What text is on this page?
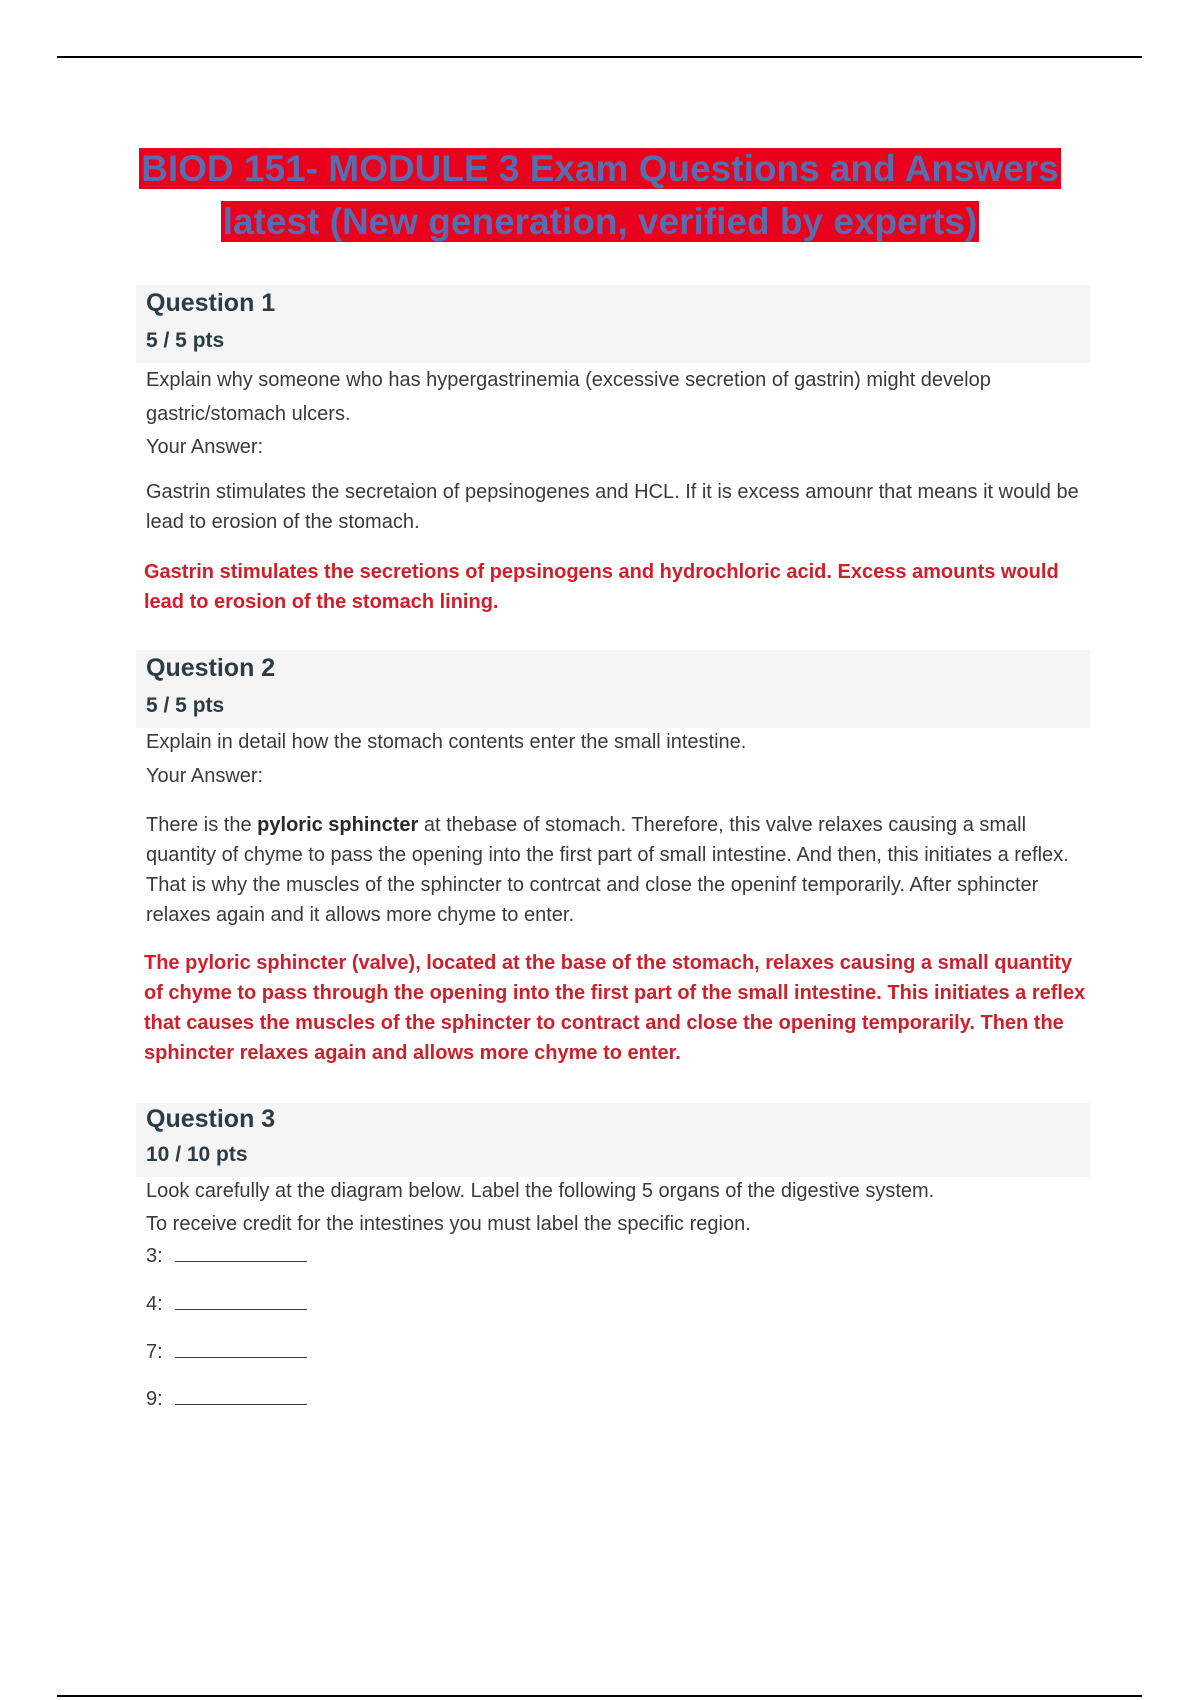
BIOD 151- MODULE 3 Exam Questions and Answers
latest (New generation, verified by experts)
Question 1
5 / 5 pts
Explain why someone who has hypergastrinemia (excessive secretion of gastrin) might develop gastric/stomach ulcers.
Your Answer:
Gastrin stimulates the secretaion of pepsinogenes and HCL. If it is excess amounr that means it would be lead to erosion of the stomach.
Gastrin stimulates the secretions of pepsinogens and hydrochloric acid. Excess amounts would lead to erosion of the stomach lining.
Question 2
5 / 5 pts
Explain in detail how the stomach contents enter the small intestine.
Your Answer:
There is the pyloric sphincter at thebase of stomach. Therefore, this valve relaxes causing a small quantity of chyme to pass the opening into the first part of small intestine. And then, this initiates a reflex. That is why the muscles of the sphincter to contrcat and close the openinf temporarily. After sphincter relaxes again and it allows more chyme to enter.
The pyloric sphincter (valve), located at the base of the stomach, relaxes causing a small quantity of chyme to pass through the opening into the first part of the small intestine. This initiates a reflex that causes the muscles of the sphincter to contract and close the opening temporarily. Then the sphincter relaxes again and allows more chyme to enter.
Question 3
10 / 10 pts
Look carefully at the diagram below. Label the following 5 organs of the digestive system.
To receive credit for the intestines you must label the specific region.
3:
4:
7:
9:
